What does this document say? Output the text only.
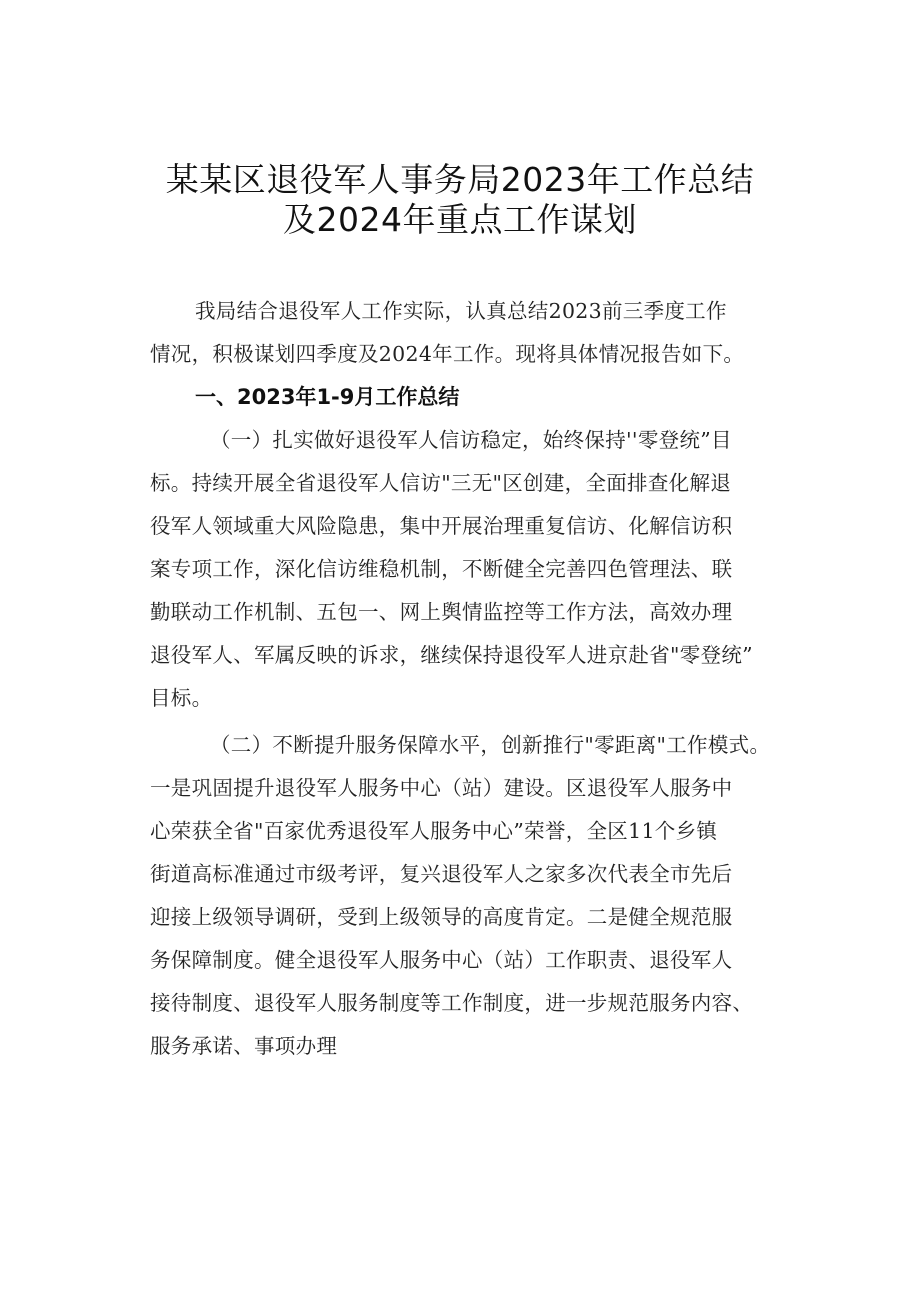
某某区退役军人事务局2023年工作总结
及2024年重点工作谋划
我局结合退役军人工作实际，认真总结2023前三季度工作
情况，积极谋划四季度及2024年工作。现将具体情况报告如下。
一、2023年1-9月工作总结
（一）扎实做好退役军人信访稳定，始终保持''零登统”目
标。持续开展全省退役军人信访"三无"区创建，全面排查化解退
役军人领域重大风险隐患，集中开展治理重复信访、化解信访积
案专项工作，深化信访维稳机制，不断健全完善四色管理法、联
勤联动工作机制、五包一、网上舆情监控等工作方法，高效办理
退役军人、军属反映的诉求，继续保持退役军人进京赴省"零登统”
目标。
（二）不断提升服务保障水平，创新推行"零距离"工作模式。
一是巩固提升退役军人服务中心（站）建设。区退役军人服务中
心荣获全省"百家优秀退役军人服务中心”荣誉，全区11个乡镇
街道高标准通过市级考评，复兴退役军人之家多次代表全市先后
迎接上级领导调研，受到上级领导的高度肯定。二是健全规范服
务保障制度。健全退役军人服务中心（站）工作职责、退役军人
接待制度、退役军人服务制度等工作制度，进一步规范服务内容、
服务承诺、事项办理
